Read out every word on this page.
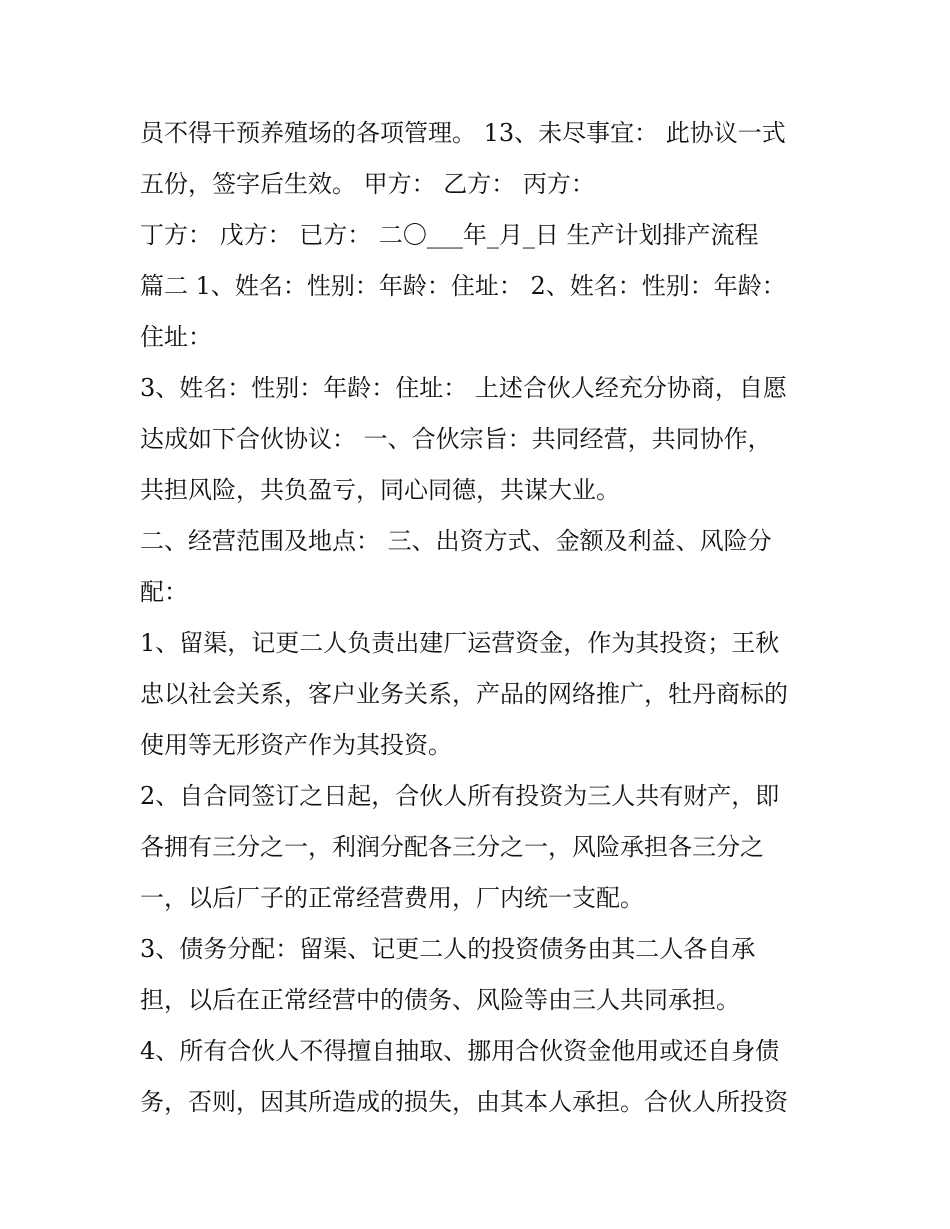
员不得干预养殖场的各项管理。 13、未尽事宜： 此协议一式
五份，签字后生效。 甲方： 乙方： 丙方：
丁方： 戊方： 已方： 二〇___年_月_日 生产计划排产流程
篇二 1、姓名：性别：年龄：住址： 2、姓名：性别：年龄：
住址：
3、姓名：性别：年龄：住址： 上述合伙人经充分协商，自愿
达成如下合伙协议： 一、合伙宗旨：共同经营，共同协作，
共担风险，共负盈亏，同心同德，共谋大业。
二、经营范围及地点： 三、出资方式、金额及利益、风险分
配：
1、留渠，记更二人负责出建厂运营资金，作为其投资；王秋
忠以社会关系，客户业务关系，产品的网络推广，牡丹商标的
使用等无形资产作为其投资。
2、自合同签订之日起，合伙人所有投资为三人共有财产，即
各拥有三分之一，利润分配各三分之一，风险承担各三分之
一，以后厂子的正常经营费用，厂内统一支配。
3、债务分配：留渠、记更二人的投资债务由其二人各自承
担，以后在正常经营中的债务、风险等由三人共同承担。
4、所有合伙人不得擅自抽取、挪用合伙资金他用或还自身债
务，否则，因其所造成的损失，由其本人承担。合伙人所投资
